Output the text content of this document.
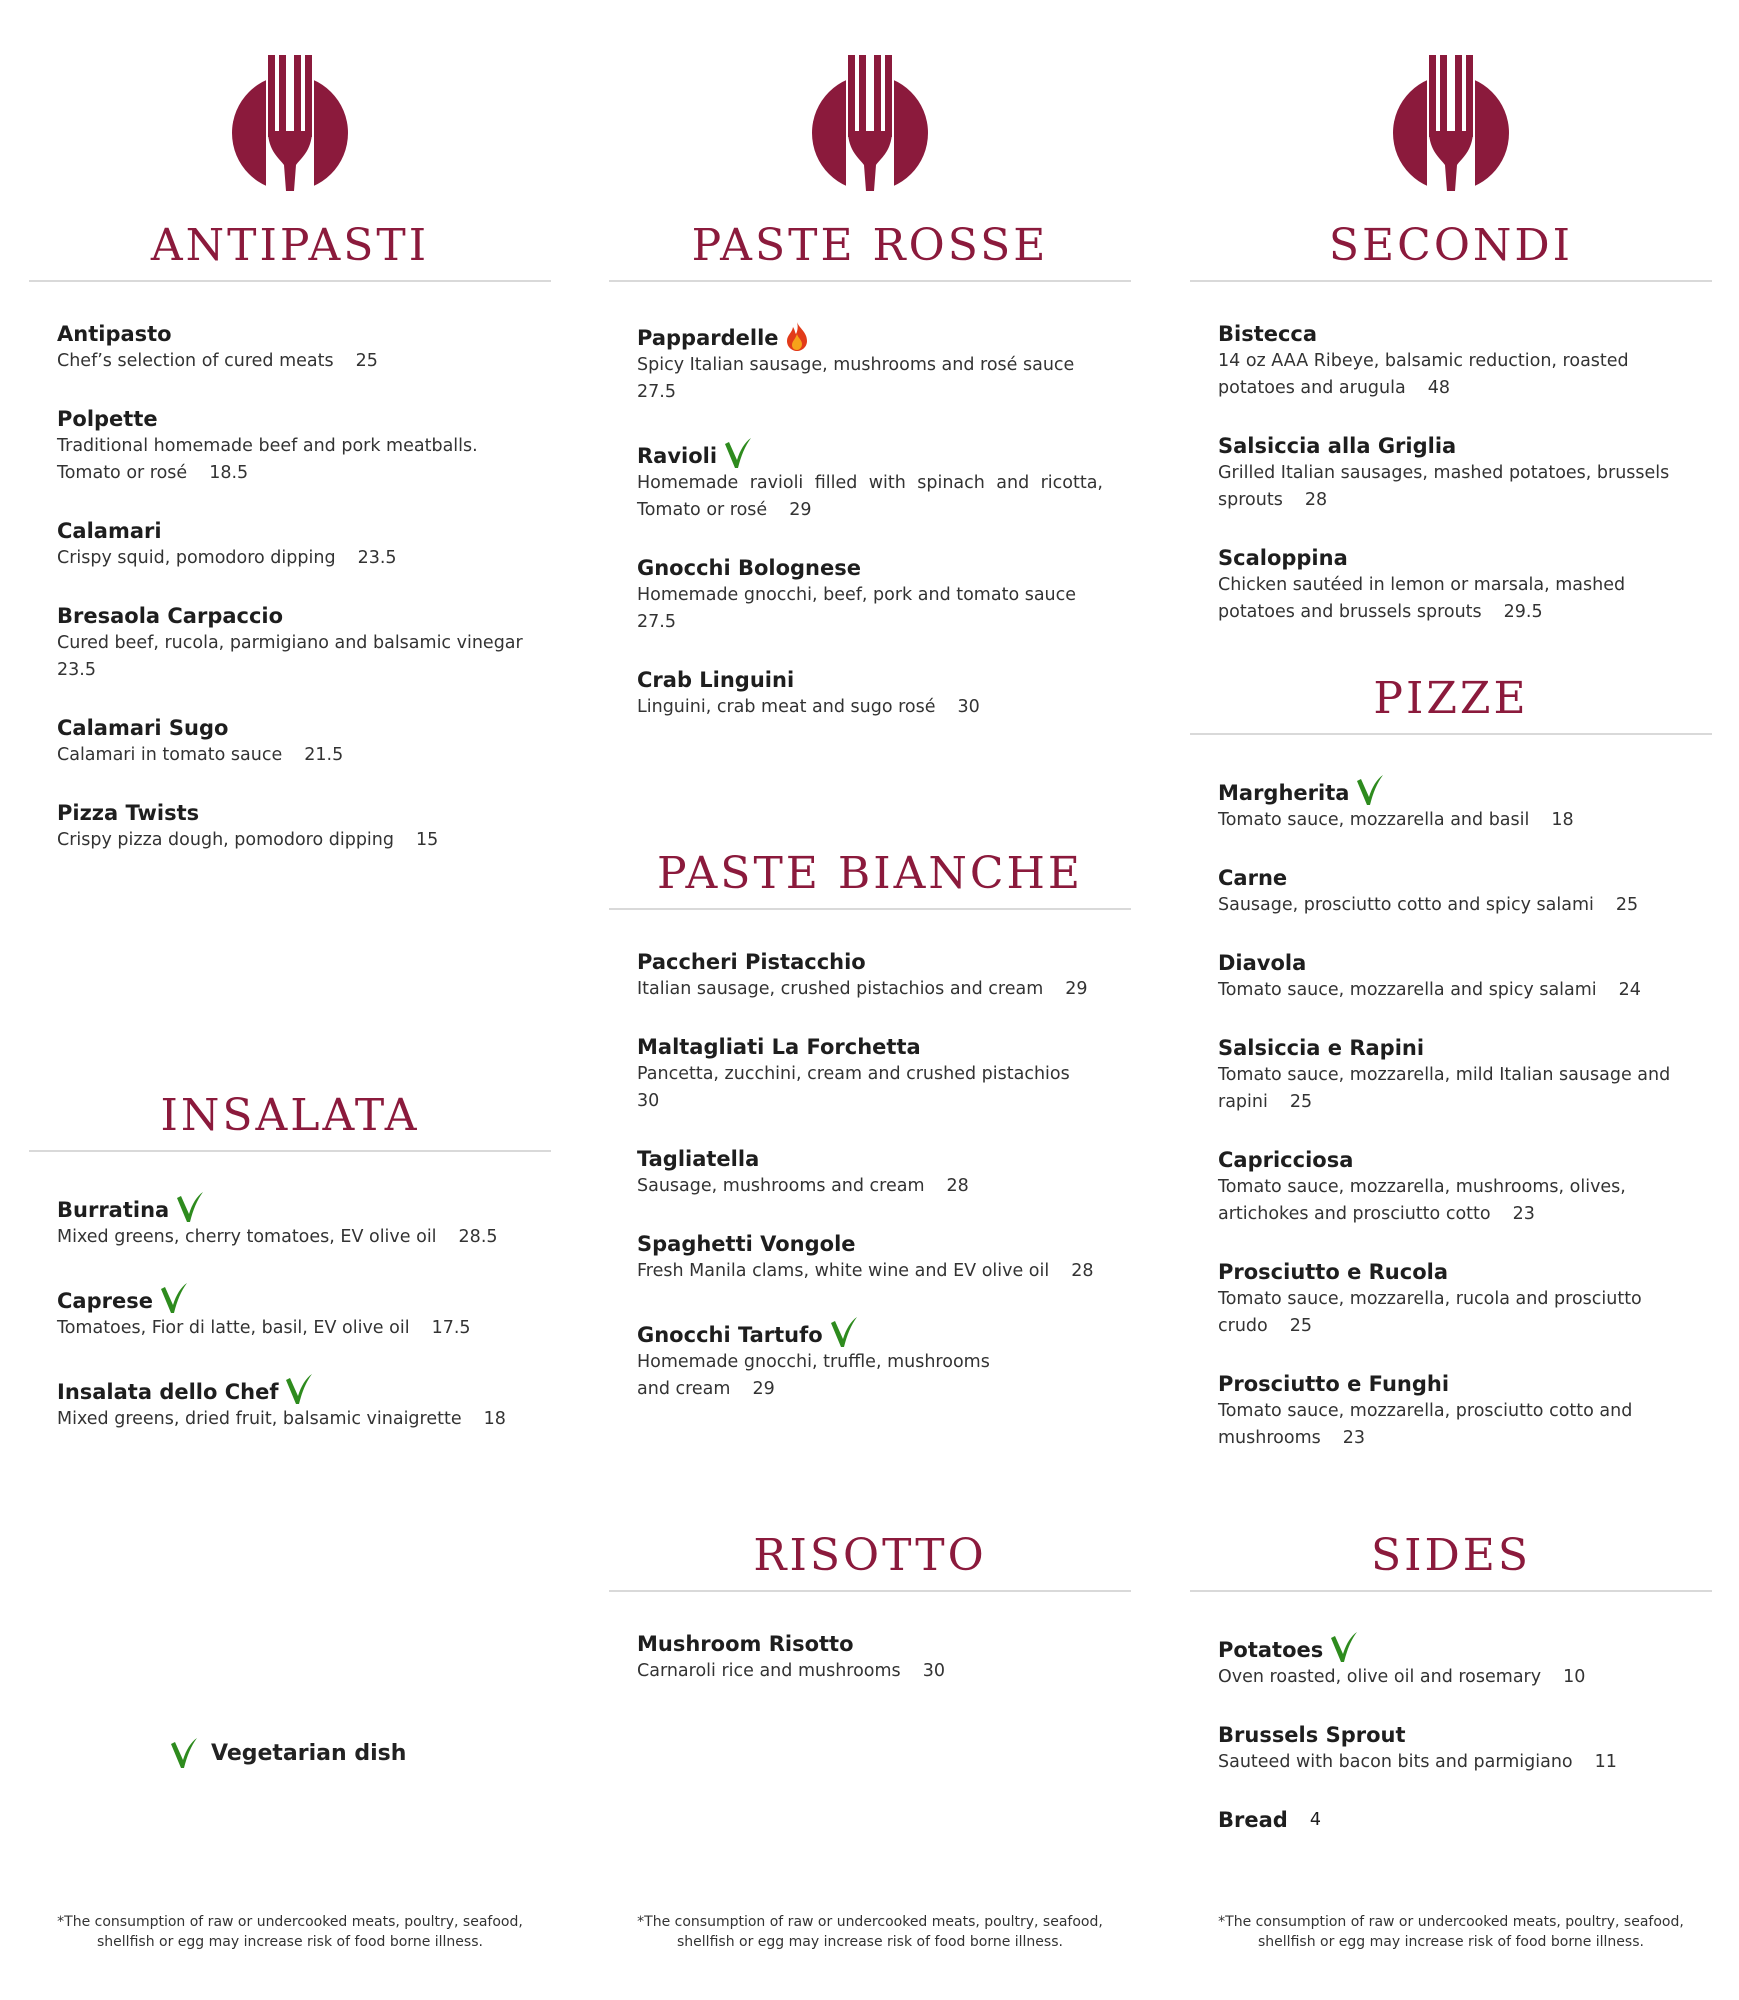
ANTIPASTI
Antipasto
Chef’s selection of cured meats 25
Polpette
Traditional homemade beef and pork meatballs. Tomato or rosé 18.5
Calamari
Crispy squid, pomodoro dipping 23.5
Bresaola Carpaccio
Cured beef, rucola, parmigiano and balsamic vinegar
23.5
Calamari Sugo
Calamari in tomato sauce 21.5
Pizza Twists
Crispy pizza dough, pomodoro dipping 15
INSALATA
Burratina
Mixed greens, cherry tomatoes, EV olive oil 28.5
Caprese
Tomatoes, Fior di latte, basil, EV olive oil 17.5
Insalata dello Chef
Mixed greens, dried fruit, balsamic vinaigrette 18
Vegetarian dish
*The consumption of raw or undercooked meats, poultry, seafood, shellfish or egg may increase risk of food borne illness.
PASTE ROSSE
Pappardelle
Spicy Italian sausage, mushrooms and rosé sauce
27.5
Ravioli
Homemade ravioli filled with spinach and ricotta, Tomato or rosé 29
Gnocchi Bolognese
Homemade gnocchi, beef, pork and tomato sauce
27.5
Crab Linguini
Linguini, crab meat and sugo rosé 30
PASTE BIANCHE
Paccheri Pistacchio
Italian sausage, crushed pistachios and cream 29
Maltagliati La Forchetta
Pancetta, zucchini, cream and crushed pistachios
30
Tagliatella
Sausage, mushrooms and cream 28
Spaghetti Vongole
Fresh Manila clams, white wine and EV olive oil 28
Gnocchi Tartufo
Homemade gnocchi, truffle, mushrooms and cream 29
RISOTTO
Mushroom Risotto
Carnaroli rice and mushrooms 30
*The consumption of raw or undercooked meats, poultry, seafood, shellfish or egg may increase risk of food borne illness.
SECONDI
Bistecca
14 oz AAA Ribeye, balsamic reduction, roasted potatoes and arugula 48
Salsiccia alla Griglia
Grilled Italian sausages, mashed potatoes, brussels sprouts 28
Scaloppina
Chicken sautéed in lemon or marsala, mashed potatoes and brussels sprouts 29.5
PIZZE
Margherita
Tomato sauce, mozzarella and basil 18
Carne
Sausage, prosciutto cotto and spicy salami 25
Diavola
Tomato sauce, mozzarella and spicy salami 24
Salsiccia e Rapini
Tomato sauce, mozzarella, mild Italian sausage and rapini 25
Capricciosa
Tomato sauce, mozzarella, mushrooms, olives, artichokes and prosciutto cotto 23
Prosciutto e Rucola
Tomato sauce, mozzarella, rucola and prosciutto crudo 25
Prosciutto e Funghi
Tomato sauce, mozzarella, prosciutto cotto and mushrooms 23
SIDES
Potatoes
Oven roasted, olive oil and rosemary 10
Brussels Sprout
Sauteed with bacon bits and parmigiano 11
Bread 4
*The consumption of raw or undercooked meats, poultry, seafood, shellfish or egg may increase risk of food borne illness.
